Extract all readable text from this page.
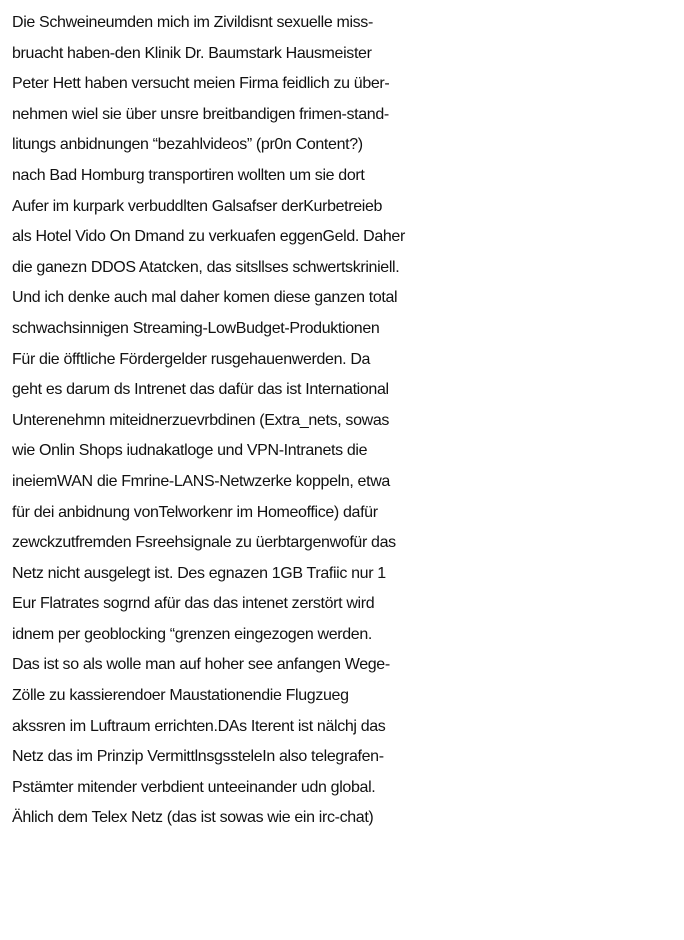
Die Schweineumden mich im Zivildisnt sexuelle miss-
bruacht haben-den Klinik Dr. Baumstark Hausmeister
Peter Hett haben versucht meien Firma feidlich zu über-
nehmen wiel sie über unsre breitbandigen frimen-stand-
litungs anbidnungen “bezahlvideos” (pr0n Content?)
nach Bad Homburg transportiren wollten um sie dort
Aufer im kurpark verbuddlten Galsafser derKurbetreieb
als Hotel Vido On Dmand zu verkuafen eggenGeld. Daher
die ganezn DDOS Atatcken, das sitsllses schwertskriniell.
Und ich denke auch mal daher komen diese ganzen total
schwachsinnigen Streaming-LowBudget-Produktionen
Für die öfftliche Fördergelder rusgehauenwerden. Da
geht es darum ds Intrenet das dafür das ist International
Unterenehmn miteidnerzuevrbdinen (Extra_nets, sowas
wie Onlin Shops iudnakatloge und VPN-Intranets die
ineiemWAN die Fmrine-LANS-Netwzerke koppeln, etwa
für dei anbidnung vonTelworkenr im Homeoffice) dafür
zewckzutfremden Fsreehsignale zu üerbtargenwofür das
Netz nicht ausgelegt ist. Des egnazen 1GB Trafiic nur 1
Eur Flatrates sogrnd afür das das intenet zerstört wird
idnem per geoblocking “grenzen eingezogen werden.
Das ist so als wolle man auf hoher see anfangen Wege-
Zölle zu kassierendoer Maustationendie Flugzueg
akssren im Luftraum errichten.DAs Iterent ist nälchj das
Netz das im Prinzip VermittlnsgssteleIn also telegrafen-
Pstämter mitender verbdient unteeinander udn global.
Ählich dem Telex Netz (das ist sowas wie ein irc-chat)
